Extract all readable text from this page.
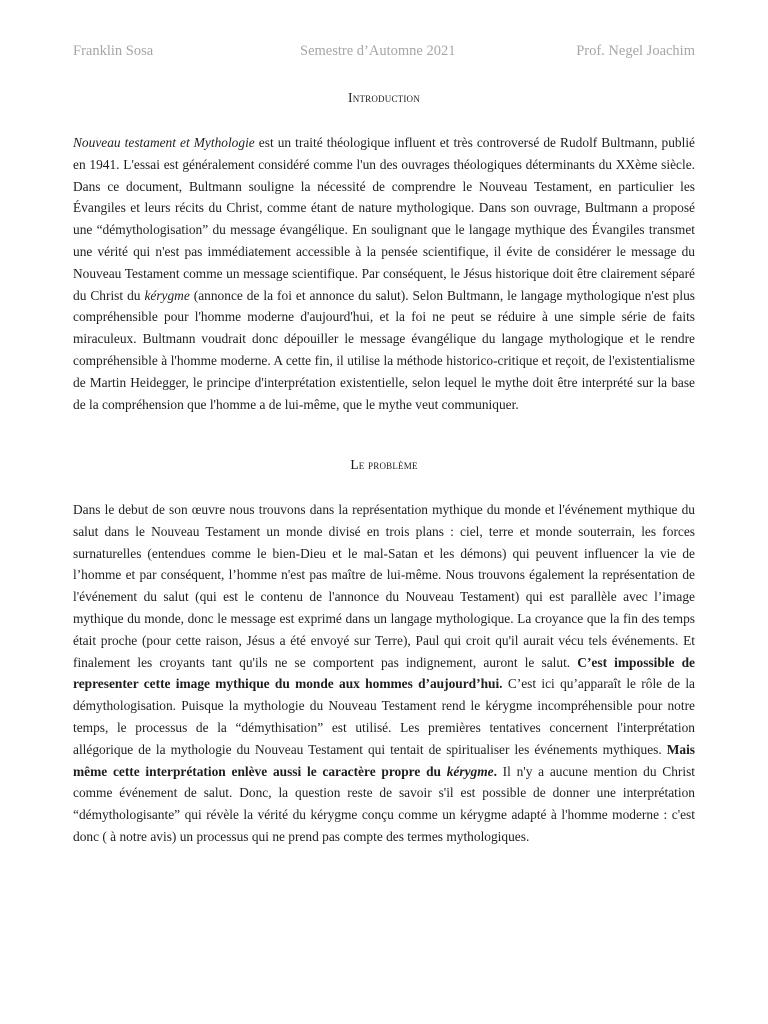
Franklin Sosa	Semestre d’Automne 2021	Prof. Negel Joachim
Introduction

Nouveau testament et Mythologie est un traité théologique influent et très controversé de Rudolf Bultmann, publié en 1941. L'essai est généralement considéré comme l'un des ouvrages théologiques déterminants du XXème siècle. Dans ce document, Bultmann souligne la nécessité de comprendre le Nouveau Testament, en particulier les Évangiles et leurs récits du Christ, comme étant de nature mythologique. Dans son ouvrage, Bultmann a proposé une “démythologisation” du message évangélique. En soulignant que le langage mythique des Évangiles transmet une vérité qui n'est pas immédiatement accessible à la pensée scientifique, il évite de considérer le message du Nouveau Testament comme un message scientifique. Par conséquent, le Jésus historique doit être clairement séparé du Christ du kérygme (annonce de la foi et annonce du salut). Selon Bultmann, le langage mythologique n'est plus compréhensible pour l'homme moderne d'aujourd'hui, et la foi ne peut se réduire à une simple série de faits miraculeux. Bultmann voudrait donc dépouiller le message évangélique du langage mythologique et le rendre compréhensible à l'homme moderne. A cette fin, il utilise la méthode historico-critique et reçoit, de l'existentialisme de Martin Heidegger, le principe d'interprétation existentielle, selon lequel le mythe doit être interprété sur la base de la compréhension que l'homme a de lui-même, que le mythe veut communiquer.

Le problème

Dans le debut de son œuvre nous trouvons dans la représentation mythique du monde et l'événement mythique du salut dans le Nouveau Testament un monde divisé en trois plans : ciel, terre et monde souterrain, les forces surnaturelles (entendues comme le bien-Dieu et le mal-Satan et les démons) qui peuvent influencer la vie de l’homme et par conséquent, l’homme n'est pas maître de lui-même. Nous trouvons également la représentation de l'événement du salut (qui est le contenu de l'annonce du Nouveau Testament) qui est parallèle avec l’image mythique du monde, donc le message est exprimé dans un langage mythologique. La croyance que la fin des temps était proche (pour cette raison, Jésus a été envoyé sur Terre), Paul qui croit qu'il aurait vécu tels événements. Et finalement les croyants tant qu'ils ne se comportent pas indignement, auront le salut. C’est impossible de representer cette image mythique du monde aux hommes d’aujourd’hui. C’est ici qu’apparaît le rôle de la démythologisation. Puisque la mythologie du Nouveau Testament rend le kérygme incompréhensible pour notre temps, le processus de la “démythisation” est utilisé. Les premières tentatives concernent l'interprétation allégorique de la mythologie du Nouveau Testament qui tentait de spiritualiser les événements mythiques. Mais même cette interprétation enlève aussi le caractère propre du kérygme. Il n'y a aucune mention du Christ comme événement de salut. Donc, la question reste de savoir s'il est possible de donner une interprétation “démythologisante” qui révèle la vérité du kérygme conçu comme un kérygme adapté à l'homme moderne : c'est donc ( à notre avis) un processus qui ne prend pas compte des termes mythologiques.
